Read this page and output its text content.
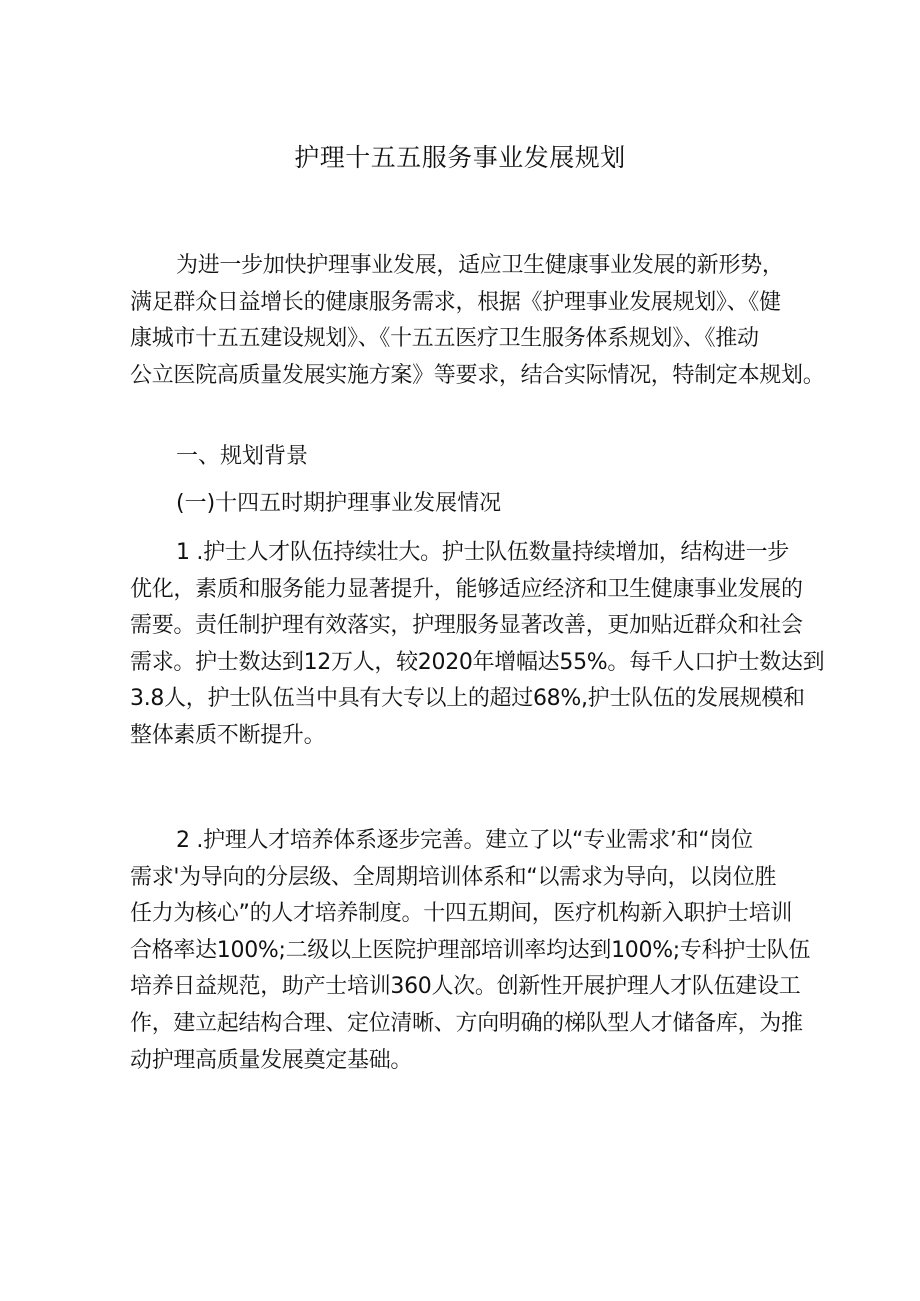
护理十五五服务事业发展规划
为进一步加快护理事业发展，适应卫生健康事业发展的新形势，
满足群众日益增长的健康服务需求，根据《护理事业发展规划》、《健
康城市十五五建设规划》、《十五五医疗卫生服务体系规划》、《推动
公立医院高质量发展实施方案》等要求，结合实际情况，特制定本规划。
一、规划背景
(一)十四五时期护理事业发展情况
1 .护士人才队伍持续壮大。护士队伍数量持续增加，结构进一步
优化，素质和服务能力显著提升，能够适应经济和卫生健康事业发展的
需要。责任制护理有效落实，护理服务显著改善，更加贴近群众和社会
需求。护士数达到12万人，较2020年增幅达55%。每千人口护士数达到
3.8人，护士队伍当中具有大专以上的超过68%,护士队伍的发展规模和
整体素质不断提升。
2 .护理人才培养体系逐步完善。建立了以“专业需求’和“岗位
需求'为导向的分层级、全周期培训体系和“以需求为导向，以岗位胜
任力为核心”的人才培养制度。十四五期间，医疗机构新入职护士培训
合格率达100%;二级以上医院护理部培训率均达到100%;专科护士队伍
培养日益规范，助产士培训360人次。创新性开展护理人才队伍建设工
作，建立起结构合理、定位清晰、方向明确的梯队型人才储备库，为推
动护理高质量发展奠定基础。
